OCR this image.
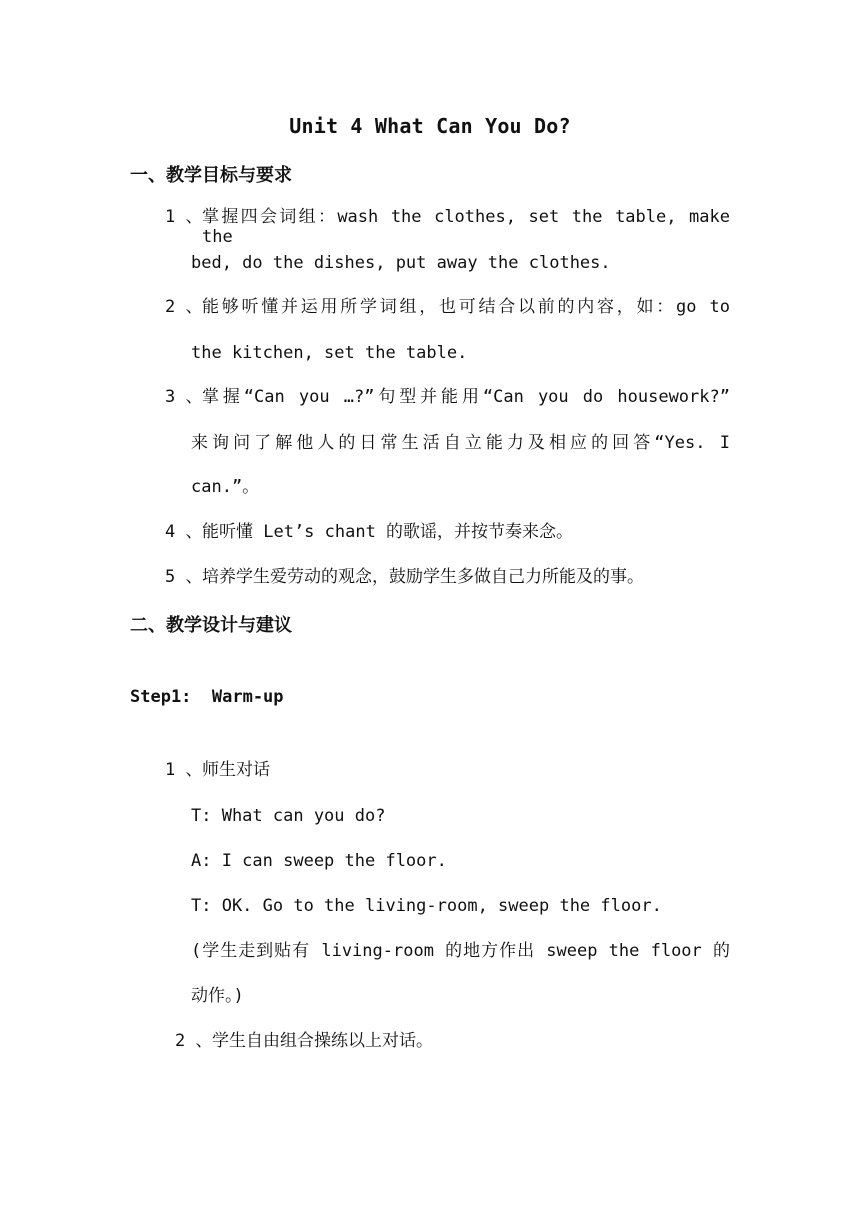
Unit 4 What Can You Do?
一、教学目标与要求
1 、 掌握四会词组：wash the clothes, set the table, make the
bed, do the dishes, put away the clothes.
2 、 能够听懂并运用所学词组，也可结合以前的内容，如：go to
the kitchen, set the table.
3 、 掌握“Can you …?”句型并能用“Can you do housework?”
来询问了解他人的日常生活自立能力及相应的回答“Yes. I
can.”。
4 、 能听懂 Let’s chant 的歌谣，并按节奏来念。
5 、 培养学生爱劳动的观念，鼓励学生多做自己力所能及的事。
二、教学设计与建议
Step1:  Warm-up
1 、 师生对话
T: What can you do?
A: I can sweep the floor.
T: OK. Go to the living-room, sweep the floor.
(学生走到贴有 living-room 的地方作出 sweep the floor 的
动作。)
2 、 学生自由组合操练以上对话。
